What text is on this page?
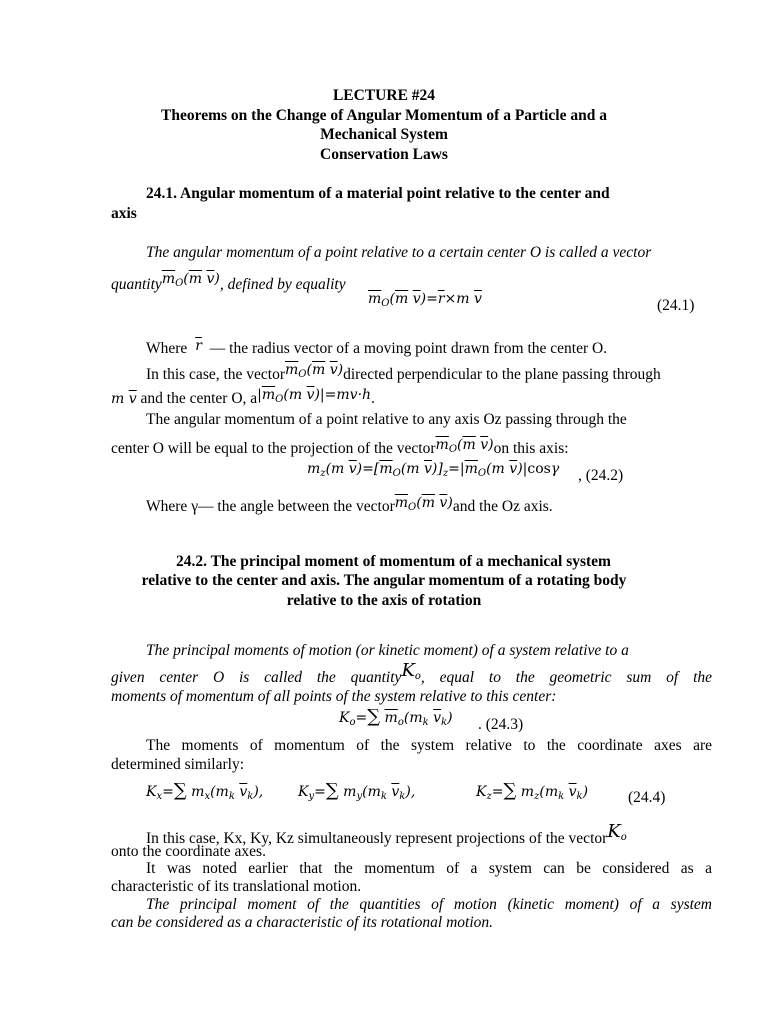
LECTURE #24
Theorems on the Change of Angular Momentum of a Particle and a
Mechanical System
Conservation Laws
24.1. Angular momentum of a material point relative to the center and
axis
The angular momentum of a point relative to a certain center O is called a vector
$quantity\overline{m}_O(\overline{m}$ $\overline{v}$), defined by equality
$\overline{m}_O(\overline{m}$ $\overline{v})=\overline{r}\times m$ $\overline{v}$	(24.1)
Where $\overline{r}$ — the radius vector of a moving point drawn from the center O.
In this case, the $vector\overline{m}_O(\overline{m}$ $\overline{v})directed$ perpendicular to the plane passing through
m $\overline{v}$ and the center O, $a|\overline{m}_O(m$ $\overline{v})|=mv\cdot h$.
The angular momentum of a point relative to any axis Oz passing through the
center O will be equal to the projection of the $vector\overline{m}_O(\overline{m}$ $\overline{v})on$ this axis:
$m_z(m$ $\overline{v})=[\overline{m}_O(m$ $\overline{v})]_z=|\overline{m}_O(m$ $\overline{v})|\cos\gamma$ , (24.2)
Where γ— the angle between the $vector\overline{m}_O(\overline{m}$ $\overline{v})and$ the Oz axis.
24.2. The principal moment of momentum of a mechanical system
relative to the center and axis. The angular momentum of a rotating body
relative to the axis of rotation
The principal moments of motion (or kinetic moment) of a system relative to a
given center O is called the quantityKo, equal to the geometric sum of the
moments of momentum of all points of the system relative to this center:
$K_o=\sum$ $\overline{m}_o(m_k$ $\overline{v}_k$) . (24.3)
The moments of momentum of the system relative to the coordinate axes are
determined similarly:
$K_x=\sum$ $m_x(m_k$ $\overline{v}_k$), $K_y=\sum$ $m_y(m_k$ $\overline{v}_k$),	$K_z=\sum$ $m_z(m_k$ $\overline{v}_k$)	(24.4)
In this case, Kx, Ky, Kz simultaneously represent projections of the vectorKo
onto the coordinate axes.
It was noted earlier that the momentum of a system can be considered as a
characteristic of its translational motion.
The principal moment of the quantities of motion (kinetic moment) of a system
can be considered as a characteristic of its rotational motion.
